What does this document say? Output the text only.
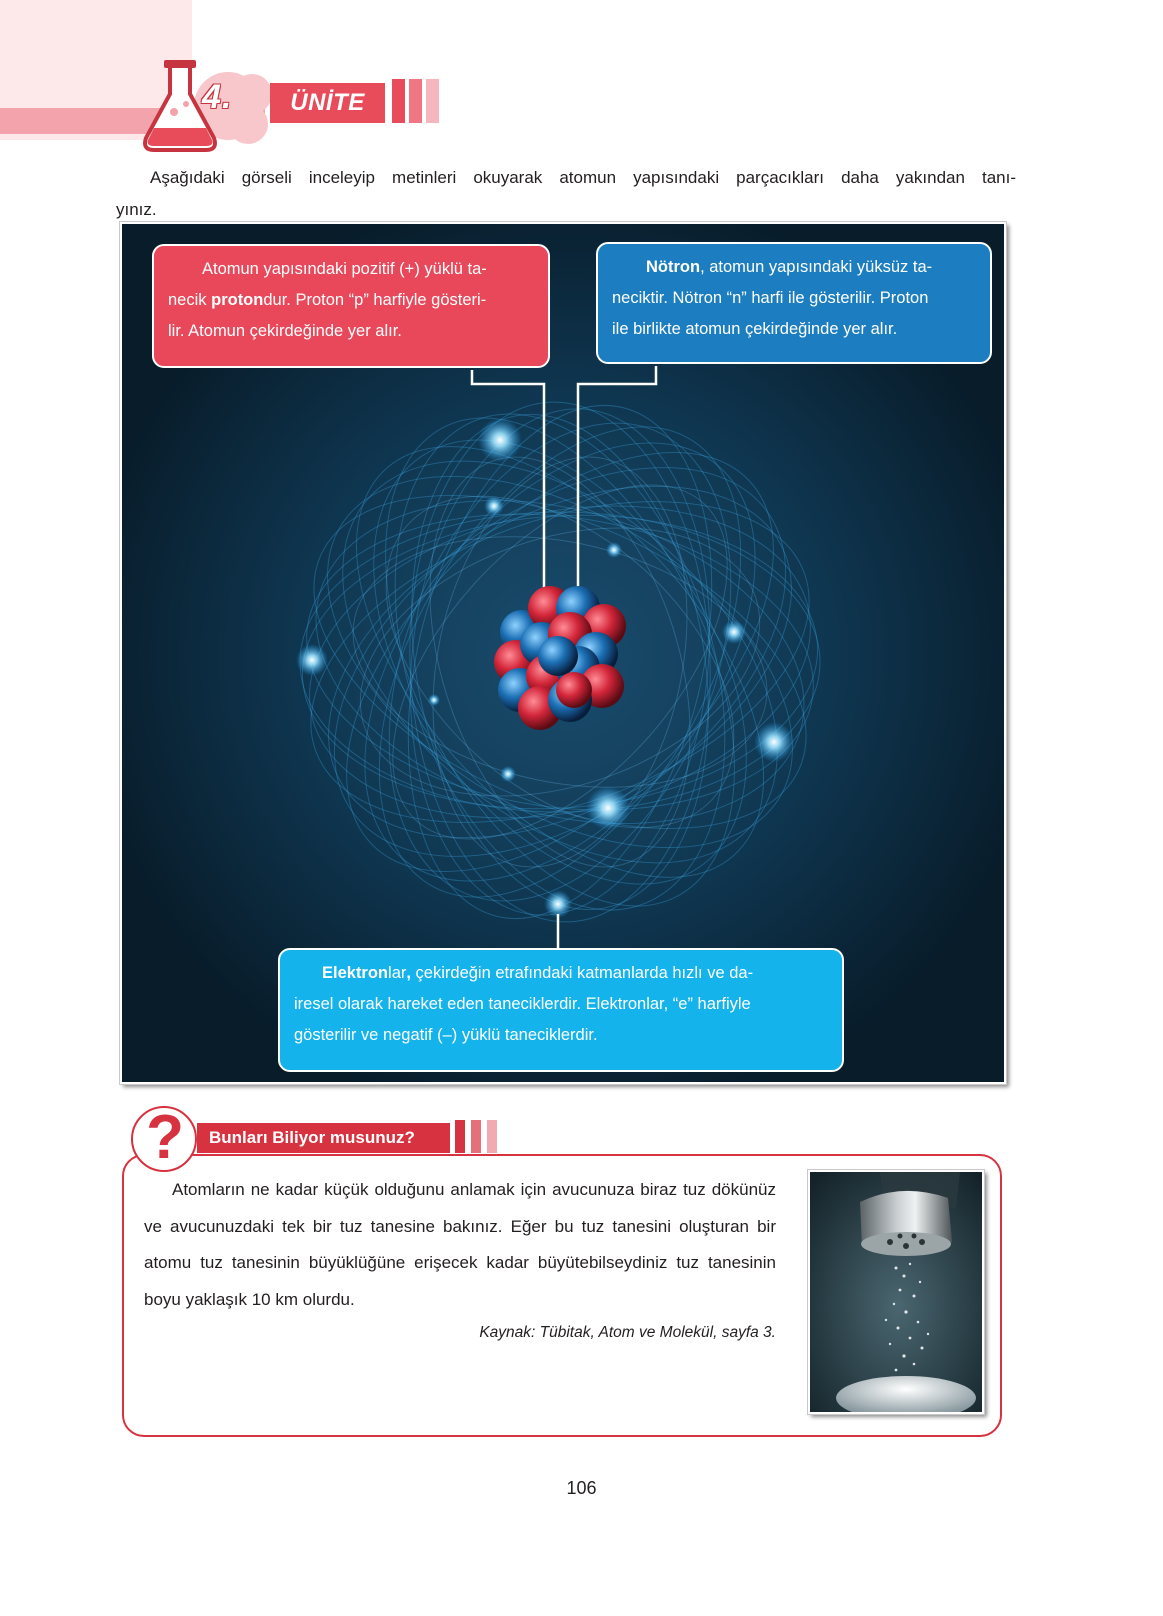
4.	ÜNİTE
Aşağıdaki görseli inceleyip metinleri okuyarak atomun yapısındaki parçacıkları daha yakından tanı-
yınız.
Atomun yapısındaki pozitif (+) yüklü ta-
necik protondur. Proton “p” harfiyle gösteri-
lir. Atomun çekirdeğinde yer alır.
Nötron, atomun yapısındaki yüksüz ta-
neciktir. Nötron “n” harfi ile gösterilir. Proton
ile birlikte atomun çekirdeğinde yer alır.
Elektronlar, çekirdeğin etrafındaki katmanlarda hızlı ve da-
iresel olarak hareket eden taneciklerdir. Elektronlar, “e” harfiyle
gösterilir ve negatif (–) yüklü taneciklerdir.
?	Bunları Biliyor musunuz?
Atomların ne kadar küçük olduğunu anlamak için avucunuza biraz tuz dökünüz ve avucunuzdaki tek bir tuz tanesine bakınız. Eğer bu tuz tanesini oluşturan bir atomu tuz tanesinin büyüklüğüne erişecek kadar büyütebilseydiniz tuz tanesinin boyu yaklaşık 10 km olurdu.
Kaynak: Tübitak, Atom ve Molekül, sayfa 3.
106
